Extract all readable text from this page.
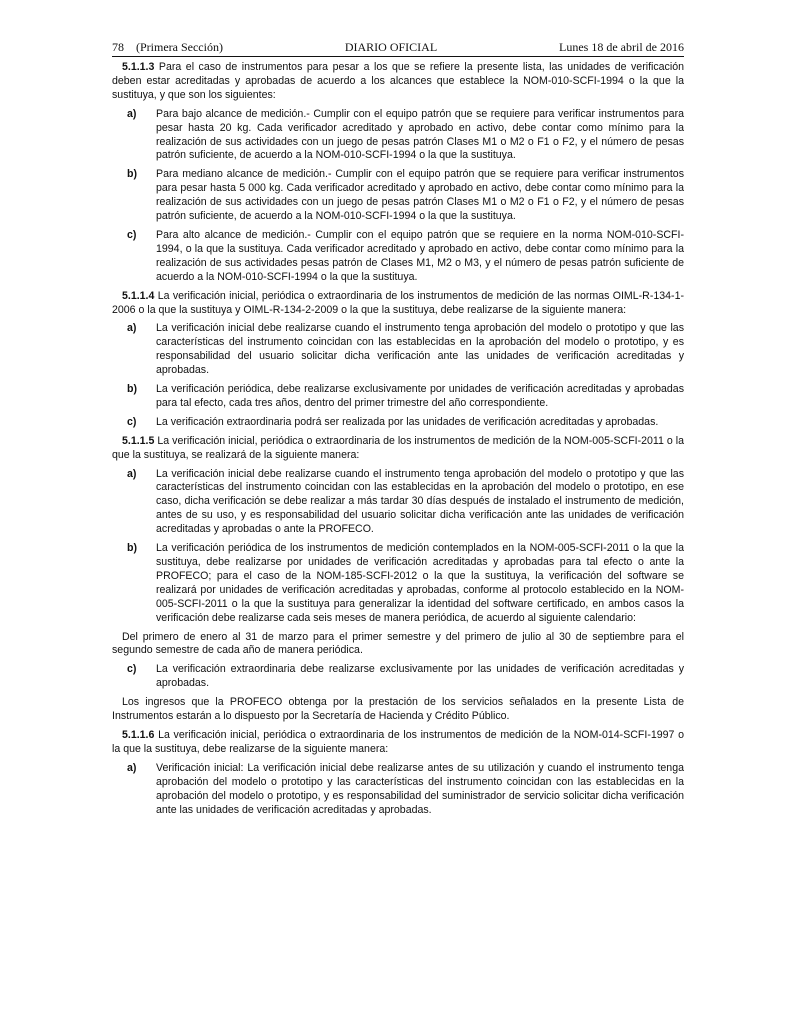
78 (Primera Sección)	DIARIO OFICIAL	Lunes 18 de abril de 2016

5.1.1.3 Para el caso de instrumentos para pesar a los que se refiere la presente lista, las unidades de verificación deben estar acreditadas y aprobadas de acuerdo a los alcances que establece la NOM-010-SCFI-1994 o la que la sustituya, y que son los siguientes:

a)	Para bajo alcance de medición.- Cumplir con el equipo patrón que se requiere para verificar instrumentos para pesar hasta 20 kg. Cada verificador acreditado y aprobado en activo, debe contar como mínimo para la realización de sus actividades con un juego de pesas patrón Clases M1 o M2 o F1 o F2, y el número de pesas patrón suficiente, de acuerdo a la NOM-010-SCFI-1994 o la que la sustituya.
b)	Para mediano alcance de medición.- Cumplir con el equipo patrón que se requiere para verificar instrumentos para pesar hasta 5 000 kg. Cada verificador acreditado y aprobado en activo, debe contar como mínimo para la realización de sus actividades con un juego de pesas patrón Clases M1 o M2 o F1 o F2, y el número de pesas patrón suficiente, de acuerdo a la NOM-010-SCFI-1994 o la que la sustituya.
c)	Para alto alcance de medición.- Cumplir con el equipo patrón que se requiere en la norma NOM-010-SCFI-1994, o la que la sustituya. Cada verificador acreditado y aprobado en activo, debe contar como mínimo para la realización de sus actividades pesas patrón de Clases M1, M2 o M3, y el número de pesas patrón suficiente de acuerdo a la NOM-010-SCFI-1994 o la que la sustituya.

5.1.1.4 La verificación inicial, periódica o extraordinaria de los instrumentos de medición de las normas OIML-R-134-1-2006 o la que la sustituya y OIML-R-134-2-2009 o la que la sustituya, debe realizarse de la siguiente manera:

a)	La verificación inicial debe realizarse cuando el instrumento tenga aprobación del modelo o prototipo y que las características del instrumento coincidan con las establecidas en la aprobación del modelo o prototipo, y es responsabilidad del usuario solicitar dicha verificación ante las unidades de verificación acreditadas y aprobadas.
b)	La verificación periódica, debe realizarse exclusivamente por unidades de verificación acreditadas y aprobadas para tal efecto, cada tres años, dentro del primer trimestre del año correspondiente.
c)	La verificación extraordinaria podrá ser realizada por las unidades de verificación acreditadas y aprobadas.

5.1.1.5 La verificación inicial, periódica o extraordinaria de los instrumentos de medición de la NOM-005-SCFI-2011 o la que la sustituya, se realizará de la siguiente manera:

a)	La verificación inicial debe realizarse cuando el instrumento tenga aprobación del modelo o prototipo y que las características del instrumento coincidan con las establecidas en la aprobación del modelo o prototipo, en ese caso, dicha verificación se debe realizar a más tardar 30 días después de instalado el instrumento de medición, antes de su uso, y es responsabilidad del usuario solicitar dicha verificación ante las unidades de verificación acreditadas y aprobadas o ante la PROFECO.
b)	La verificación periódica de los instrumentos de medición contemplados en la NOM-005-SCFI-2011 o la que la sustituya, debe realizarse por unidades de verificación acreditadas y aprobadas para tal efecto o ante la PROFECO; para el caso de la NOM-185-SCFI-2012 o la que la sustituya, la verificación del software se realizará por unidades de verificación acreditadas y aprobadas, conforme al protocolo establecido en la NOM-005-SCFI-2011 o la que la sustituya para generalizar la identidad del software certificado, en ambos casos la verificación debe realizarse cada seis meses de manera periódica, de acuerdo al siguiente calendario:

Del primero de enero al 31 de marzo para el primer semestre y del primero de julio al 30 de septiembre para el segundo semestre de cada año de manera periódica.

c)	La verificación extraordinaria debe realizarse exclusivamente por las unidades de verificación acreditadas y aprobadas.

Los ingresos que la PROFECO obtenga por la prestación de los servicios señalados en la presente Lista de Instrumentos estarán a lo dispuesto por la Secretaría de Hacienda y Crédito Público.

5.1.1.6 La verificación inicial, periódica o extraordinaria de los instrumentos de medición de la NOM-014-SCFI-1997 o la que la sustituya, debe realizarse de la siguiente manera:

a)	Verificación inicial: La verificación inicial debe realizarse antes de su utilización y cuando el instrumento tenga aprobación del modelo o prototipo y las características del instrumento coincidan con las establecidas en la aprobación del modelo o prototipo, y es responsabilidad del suministrador de servicio solicitar dicha verificación ante las unidades de verificación acreditadas y aprobadas.
